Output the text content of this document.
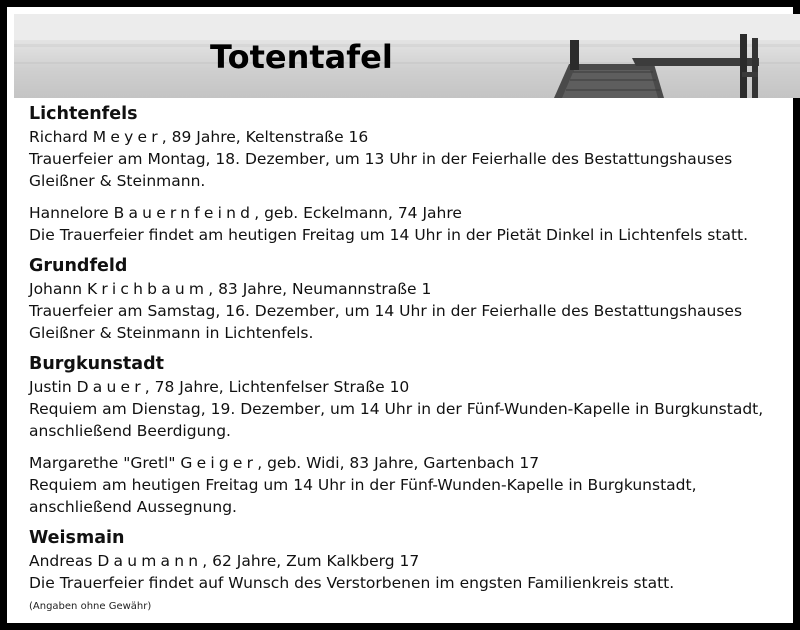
Totentafel

Lichtenfels

Richard Meyer, 89 Jahre, Keltenstraße 16

Trauerfeier am Montag, 18. Dezember, um 13 Uhr in der Feierhalle des Bestattungshauses

Gleißner & Steinmann.

Hannelore Bauernfeind, geb. Eckelmann, 74 Jahre

Die Trauerfeier findet am heutigen Freitag um 14 Uhr in der Pietät Dinkel in Lichtenfels statt.

Grundfeld

Johann Krichbaum, 83 Jahre, Neumannstraße 1

Trauerfeier am Samstag, 16. Dezember, um 14 Uhr in der Feierhalle des Bestattungshauses

Gleißner & Steinmann in Lichtenfels.

Burgkunstadt

Justin Dauer, 78 Jahre, Lichtenfelser Straße 10

Requiem am Dienstag, 19. Dezember, um 14 Uhr in der Fünf-Wunden-Kapelle in Burgkunstadt,

anschließend Beerdigung.

Margarethe "Gretl" Geiger, geb. Widi, 83 Jahre, Gartenbach 17

Requiem am heutigen Freitag um 14 Uhr in der Fünf-Wunden-Kapelle in Burgkunstadt,

anschließend Aussegnung.

Weismain

Andreas Daumann, 62 Jahre, Zum Kalkberg 17

Die Trauerfeier findet auf Wunsch des Verstorbenen im engsten Familienkreis statt.

(Angaben ohne Gewähr)
